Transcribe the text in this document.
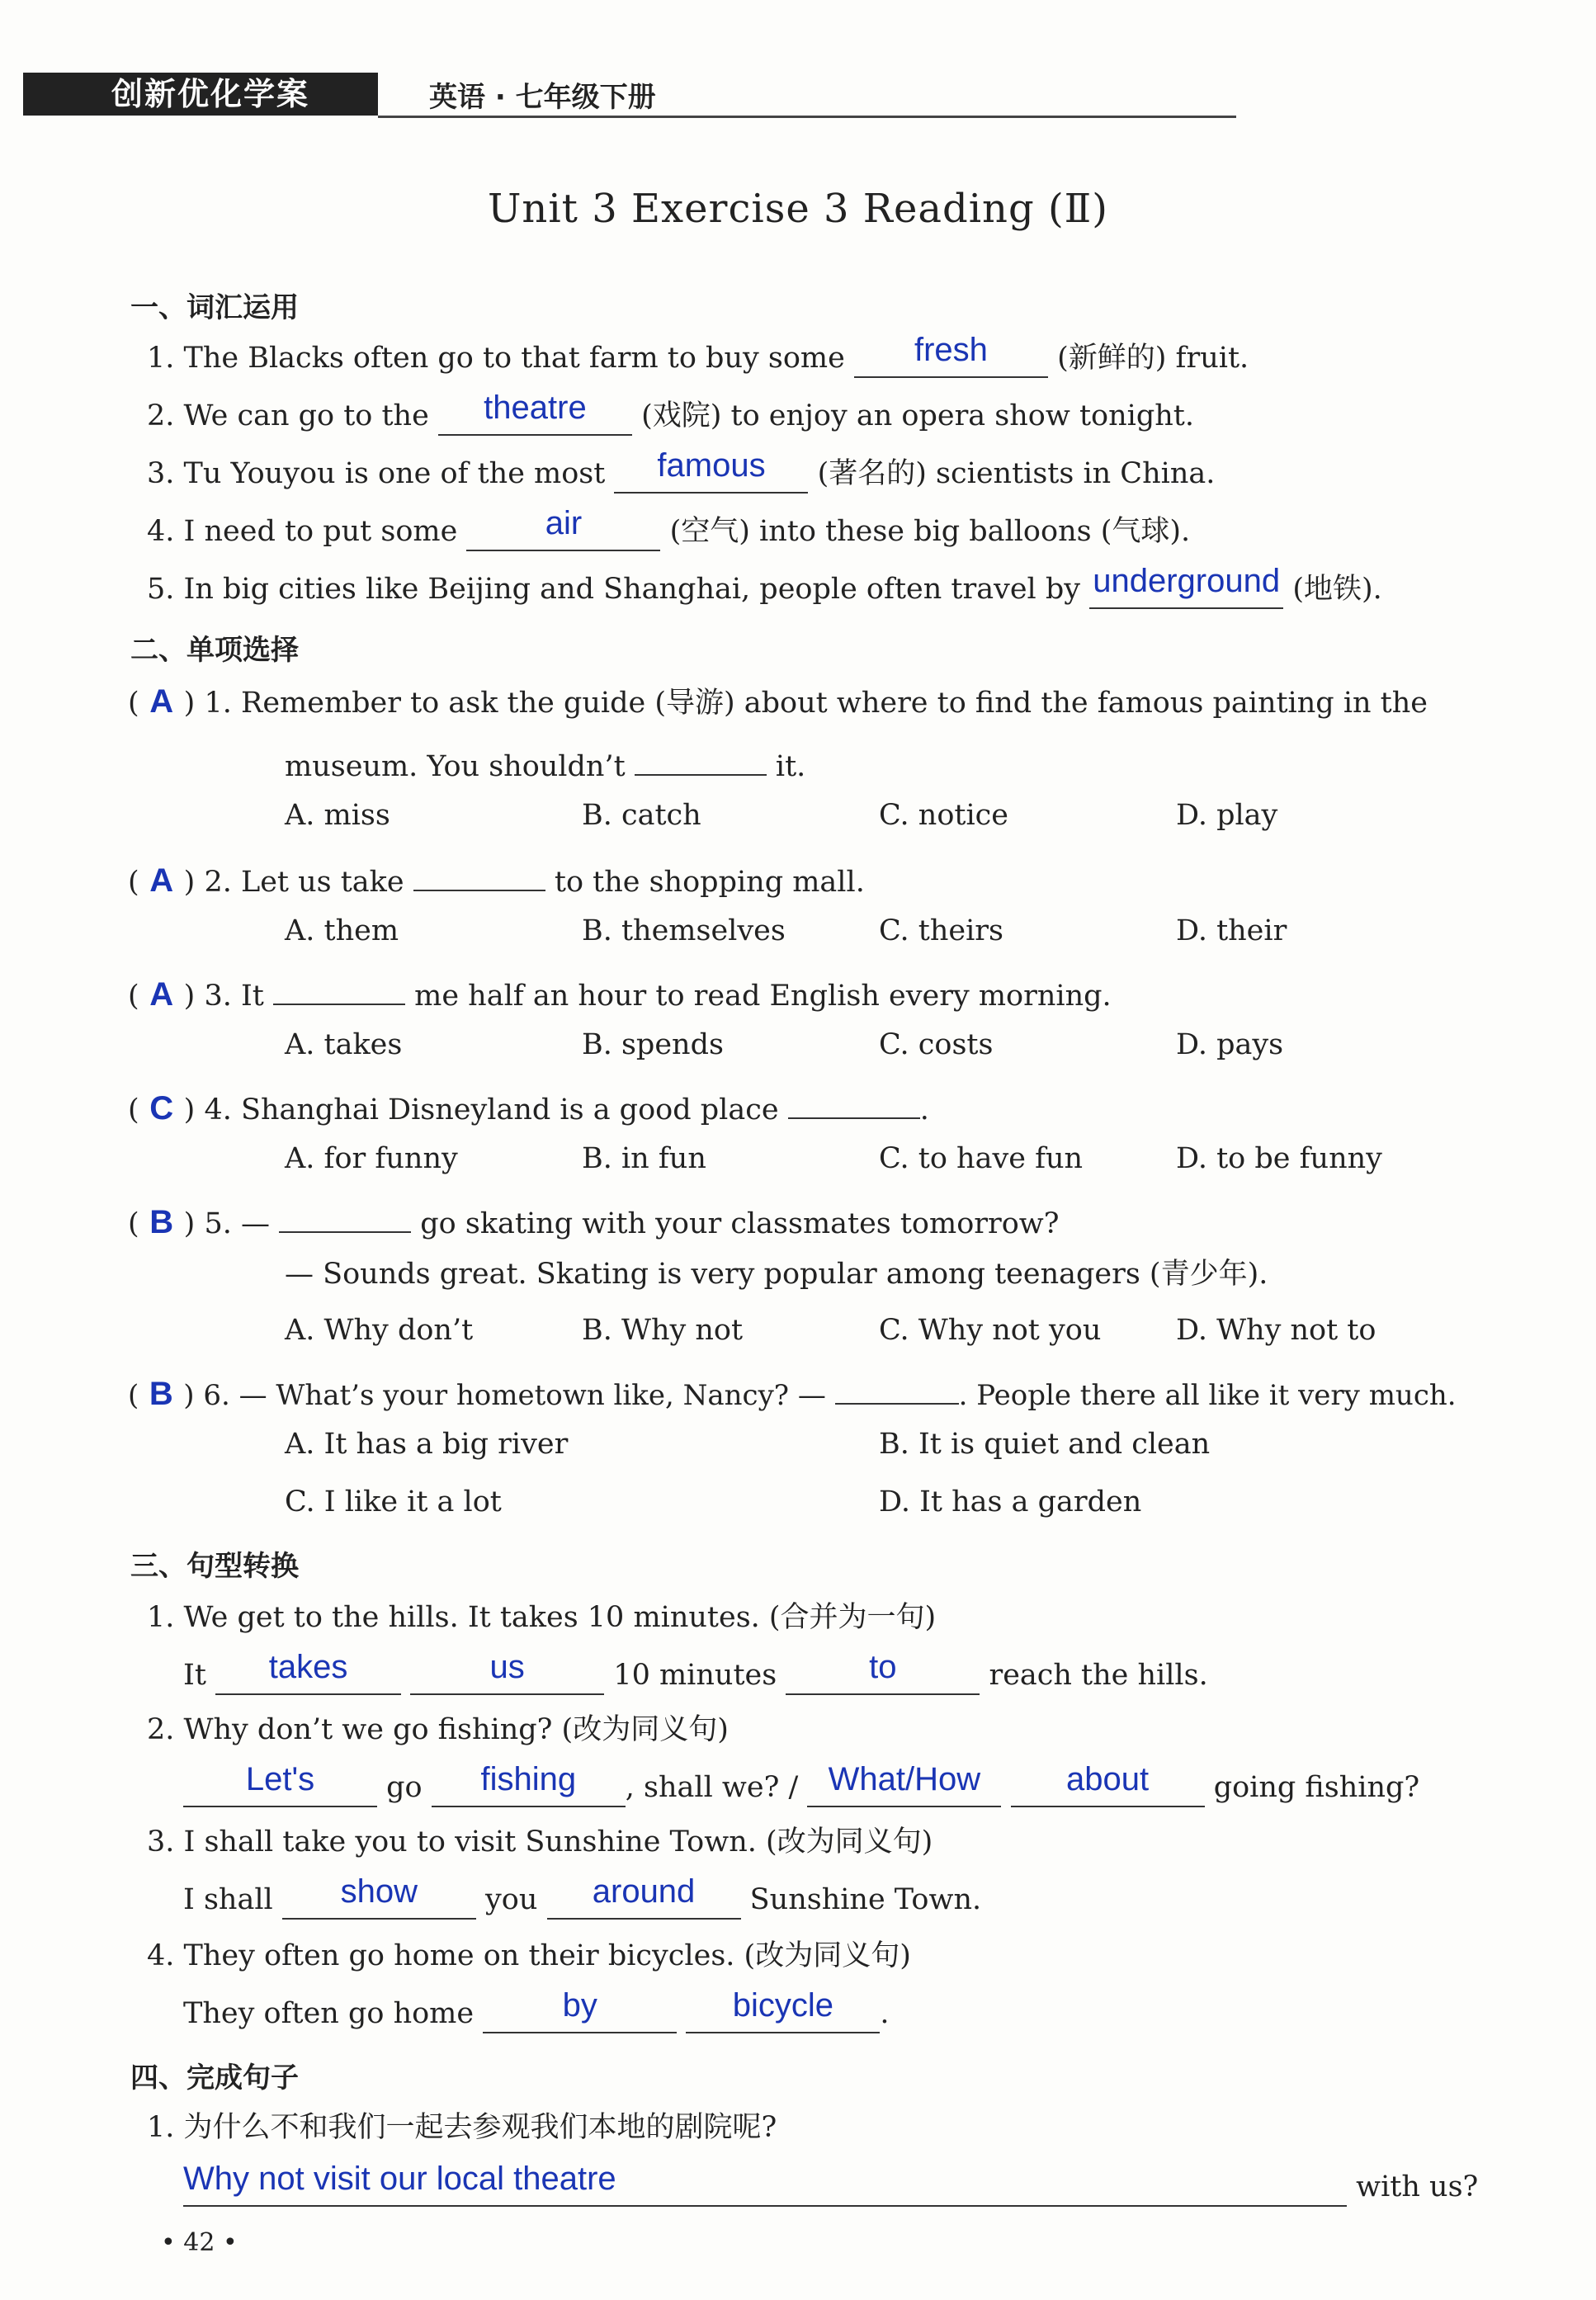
创新优化学案	英语 · 七年级下册
Unit 3 Exercise 3 Reading (Ⅱ)
一、词汇运用
1. The Blacks often go to that farm to buy some fresh (新鲜的) fruit.
2. We can go to the theatre (戏院) to enjoy an opera show tonight.
3. Tu Youyou is one of the most famous (著名的) scientists in China.
4. I need to put some	air	(空气) into these big balloons (气球).
5. In big cities like Beijing and Shanghai, people often travel by underground (地铁).
二、单项选择
( A ) 1. Remember to ask the guide (导游) about where to find the famous painting in the
museum. You shouldn’t	it.
A. miss	B. catch	C. notice	D. play
( A ) 2. Let us take	to the shopping mall.
A. them	B. themselves	C. theirs	D. their
( A ) 3. It	me half an hour to read English every morning.
A. takes	B. spends	C. costs	D. pays
( C ) 4. Shanghai Disneyland is a good place	.
A. for funny	B. in fun	C. to have fun	D. to be funny
( B ) 5. —	go skating with your classmates tomorrow?
— Sounds great. Skating is very popular among teenagers (青少年).
A. Why don’t	B. Why not	C. Why not you	D. Why not to
( B ) 6. — What’s your hometown like, Nancy? —	. People there all like it very much.
A. It has a big river	B. It is quiet and clean
C. I like it a lot	D. It has a garden
三、句型转换
1. We get to the hills. It takes 10 minutes. (合并为一句)
It takes	us	10 minutes	to	reach the hills.
2. Why don’t we go fishing? (改为同义句)
Let's go fishing , shall we? / What/How	about going fishing?
3. I shall take you to visit Sunshine Town. (改为同义句)
I shall show you around Sunshine Town.
4. They often go home on their bicycles. (改为同义句)
They often go home	by	bicycle .
四、完成句子
1. 为什么不和我们一起去参观我们本地的剧院呢?
Why not visit our local theatre	with us?
• 42 •
